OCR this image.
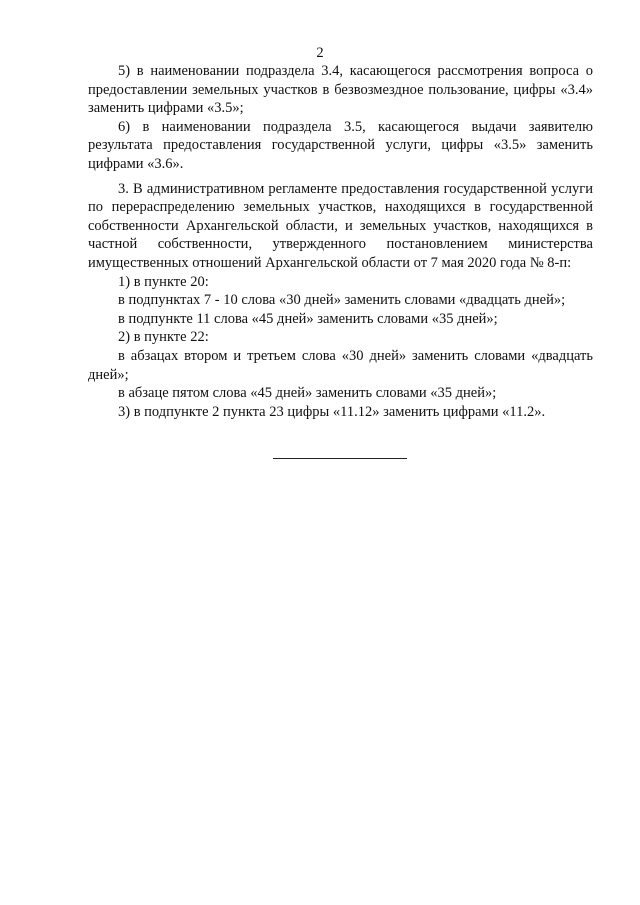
2

5) в наименовании подраздела 3.4, касающегося рассмотрения вопроса о предоставлении земельных участков в безвозмездное пользование, цифры «3.4» заменить цифрами «3.5»;

6) в наименовании подраздела 3.5, касающегося выдачи заявителю результата предоставления государственной услуги, цифры «3.5» заменить цифрами «3.6».

3. В административном регламенте предоставления государственной услуги по перераспределению земельных участков, находящихся в государственной собственности Архангельской области, и земельных участков, находящихся в частной собственности, утвержденного постановлением министерства имущественных отношений Архангельской области от 7 мая 2020 года № 8-п:

1) в пункте 20:

в подпунктах 7 - 10 слова «30 дней» заменить словами «двадцать дней»;

в подпункте 11 слова «45 дней» заменить словами «35 дней»;

2) в пункте 22:

в абзацах втором и третьем слова «30 дней» заменить словами «двадцать дней»;

в абзаце пятом слова «45 дней» заменить словами «35 дней»;

3) в подпункте 2 пункта 23 цифры «11.12» заменить цифрами «11.2».
